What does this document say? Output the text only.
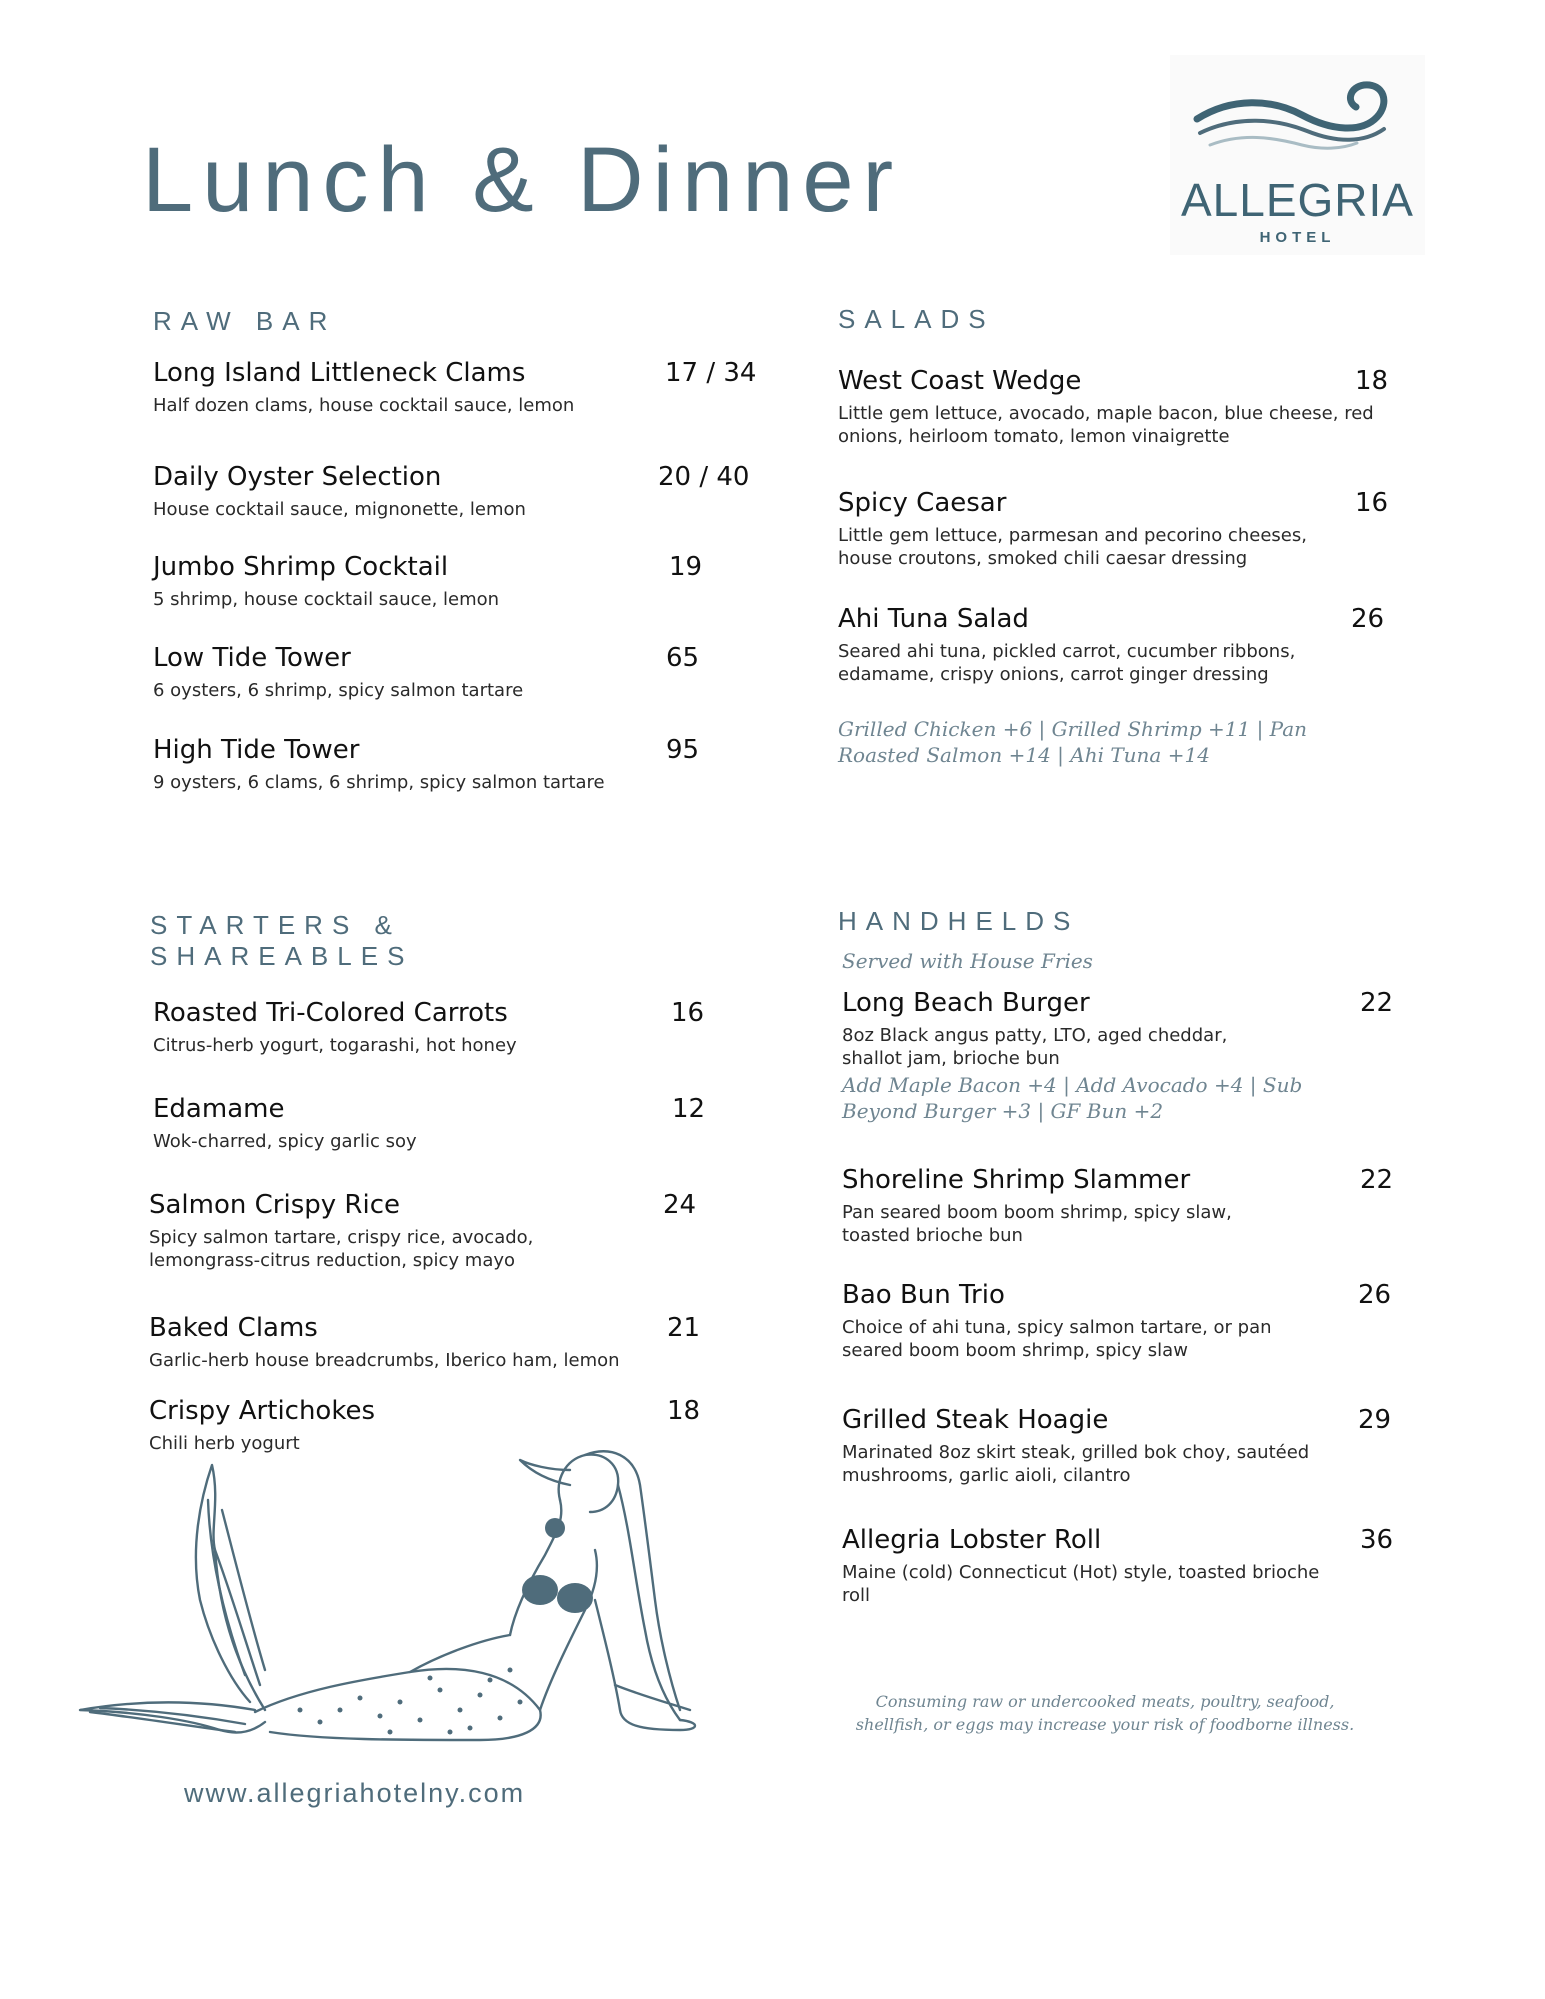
Lunch & Dinner	ALLEGRIA
HOTEL
RAW BAR
Long Island Littleneck Clams	17 / 34
Half dozen clams, house cocktail sauce, lemon
Daily Oyster Selection	20 / 40
House cocktail sauce, mignonette, lemon
Jumbo Shrimp Cocktail	19
5 shrimp, house cocktail sauce, lemon
Low Tide Tower	65
6 oysters, 6 shrimp, spicy salmon tartare
High Tide Tower	95
9 oysters, 6 clams, 6 shrimp, spicy salmon tartare
SALADS
West Coast Wedge	18
Little gem lettuce, avocado, maple bacon, blue cheese, red onions, heirloom tomato, lemon vinaigrette
Spicy Caesar	16
Little gem lettuce, parmesan and pecorino cheeses, house croutons, smoked chili caesar dressing
Ahi Tuna Salad	26
Seared ahi tuna, pickled carrot, cucumber ribbons, edamame, crispy onions, carrot ginger dressing
Grilled Chicken +6 | Grilled Shrimp +11 | Pan Roasted Salmon +14 | Ahi Tuna +14
STARTERS &
SHAREABLES
Roasted Tri-Colored Carrots	16
Citrus-herb yogurt, togarashi, hot honey
Edamame	12
Wok-charred, spicy garlic soy
Salmon Crispy Rice	24
Spicy salmon tartare, crispy rice, avocado, lemongrass-citrus reduction, spicy mayo
Baked Clams	21
Garlic-herb house breadcrumbs, Iberico ham, lemon
Crispy Artichokes	18
Chili herb yogurt
HANDHELDS
Served with House Fries
Long Beach Burger	22
8oz Black angus patty, LTO, aged cheddar, shallot jam, brioche bun
Add Maple Bacon +4 | Add Avocado +4 | Sub Beyond Burger +3 | GF Bun +2
Shoreline Shrimp Slammer	22
Pan seared boom boom shrimp, spicy slaw, toasted brioche bun
Bao Bun Trio	26
Choice of ahi tuna, spicy salmon tartare, or pan seared boom boom shrimp, spicy slaw
Grilled Steak Hoagie	29
Marinated 8oz skirt steak, grilled bok choy, sautéed mushrooms, garlic aioli, cilantro
Allegria Lobster Roll	36
Maine (cold) Connecticut (Hot) style, toasted brioche roll
Consuming raw or undercooked meats, poultry, seafood, shellfish, or eggs may increase your risk of foodborne illness.
www.allegriahotelny.com
